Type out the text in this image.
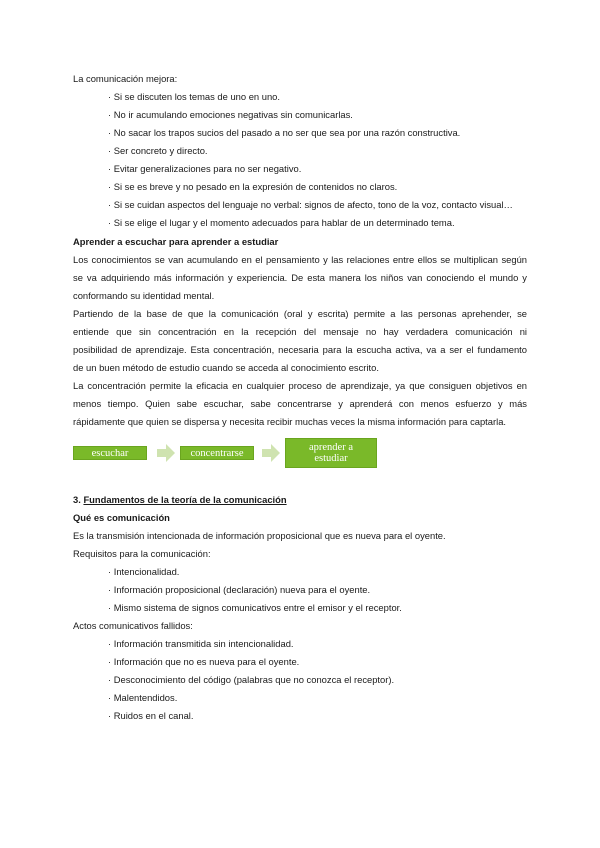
La comunicación mejora:
· Si se discuten los temas de uno en uno.
· No ir acumulando emociones negativas sin comunicarlas.
· No sacar los trapos sucios del pasado a no ser que sea por una razón constructiva.
· Ser concreto y directo.
· Evitar generalizaciones para no ser negativo.
· Si se es breve y no pesado en la expresión de contenidos no claros.
· Si se cuidan aspectos del lenguaje no verbal: signos de afecto, tono de la voz, contacto visual…
· Si se elige el lugar y el momento adecuados para hablar de un determinado tema.
Aprender a escuchar para aprender a estudiar
Los conocimientos se van acumulando en el pensamiento y las relaciones entre ellos se multiplican según
se va adquiriendo más información y experiencia. De esta manera los niños van conociendo el mundo y
conformando su identidad mental.
Partiendo de la base de que la comunicación (oral y escrita) permite a las personas aprehender, se
entiende que sin concentración en la recepción del mensaje no hay verdadera comunicación ni
posibilidad de aprendizaje. Esta concentración, necesaria para la escucha activa, va a ser el fundamento
de un buen método de estudio cuando se acceda al conocimiento escrito.
La concentración permite la eficacia en cualquier proceso de aprendizaje, ya que consiguen objetivos en
menos tiempo. Quien sabe escuchar, sabe concentrarse y aprenderá con menos esfuerzo y más
rápidamente que quien se dispersa y necesita recibir muchas veces la misma información para captarla.
escuchar	concentrarse	aprender a estudiar
3. Fundamentos de la teoría de la comunicación
Qué es comunicación
Es la transmisión intencionada de información proposicional que es nueva para el oyente.
Requisitos para la comunicación:
· Intencionalidad.
· Información proposicional (declaración) nueva para el oyente.
· Mismo sistema de signos comunicativos entre el emisor y el receptor.
Actos comunicativos fallidos:
· Información transmitida sin intencionalidad.
· Información que no es nueva para el oyente.
· Desconocimiento del código (palabras que no conozca el receptor).
· Malentendidos.
· Ruidos en el canal.
